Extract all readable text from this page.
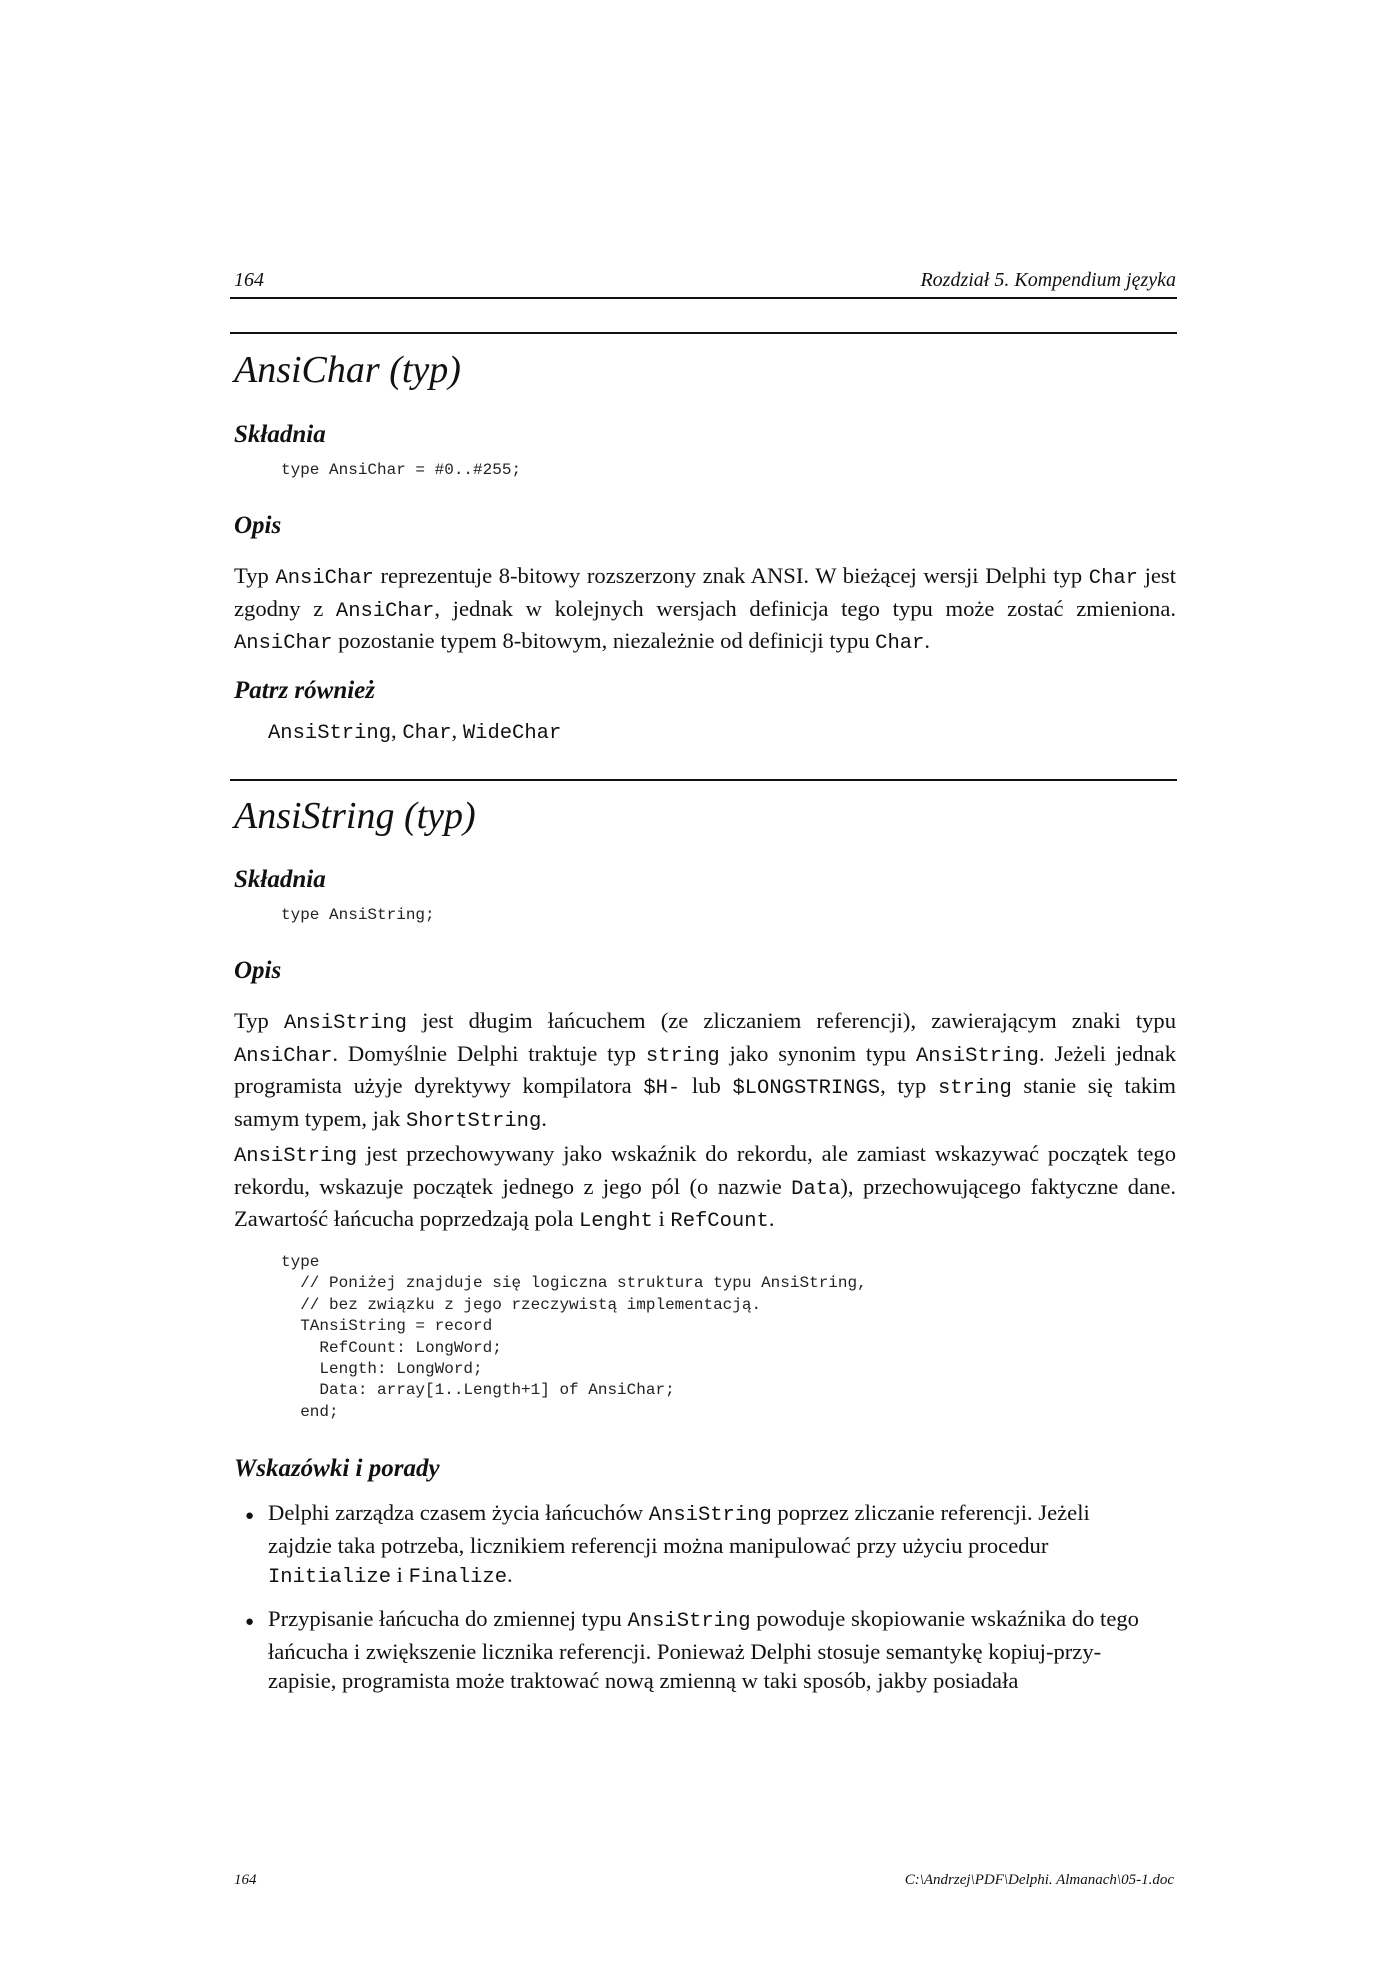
164	Rozdział 5. Kompendium języka
AnsiChar (typ)
Składnia
type AnsiChar = #0..#255;
Opis
Typ AnsiChar reprezentuje 8-bitowy rozszerzony znak ANSI. W bieżącej wersji Delphi typ Char jest zgodny z AnsiChar, jednak w kolejnych wersjach definicja tego typu może zostać zmieniona. AnsiChar pozostanie typem 8-bitowym, niezależnie od definicji typu Char.
Patrz również
AnsiString, Char, WideChar
AnsiString (typ)
Składnia
type AnsiString;
Opis
Typ AnsiString jest długim łańcuchem (ze zliczaniem referencji), zawierającym znaki typu AnsiChar. Domyślnie Delphi traktuje typ string jako synonim typu AnsiString. Jeżeli jednak programista użyje dyrektywy kompilatora $H- lub $LONGSTRINGS, typ string stanie się takim samym typem, jak ShortString.
AnsiString jest przechowywany jako wskaźnik do rekordu, ale zamiast wskazywać początek tego rekordu, wskazuje początek jednego z jego pól (o nazwie Data), przechowującego faktyczne dane. Zawartość łańcucha poprzedzają pola Lenght i RefCount.
type
// Poniżej znajduje się logiczna struktura typu AnsiString,
// bez związku z jego rzeczywistą implementacją.
TAnsiString = record
RefCount: LongWord;
Length: LongWord;
Data: array[1..Length+1] of AnsiChar;
end;
Wskazówki i porady
● Delphi zarządza czasem życia łańcuchów AnsiString poprzez zliczanie referencji. Jeżeli zajdzie taka potrzeba, licznikiem referencji można manipulować przy użyciu procedur Initialize i Finalize.
● Przypisanie łańcucha do zmiennej typu AnsiString powoduje skopiowanie wskaźnika do tego łańcucha i zwiększenie licznika referencji. Ponieważ Delphi stosuje semantykę kopiuj-przy-zapisie, programista może traktować nową zmienną w taki sposób, jakby posiadała
164	C:\Andrzej\PDF\Delphi. Almanach\05-1.doc
